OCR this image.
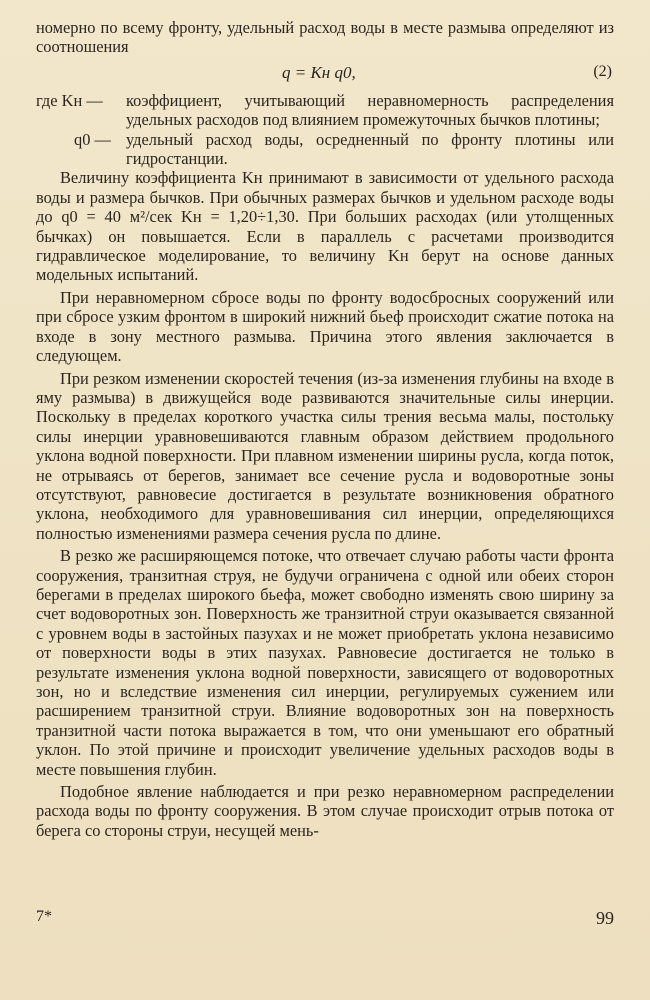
номерно по всему фронту, удельный расход воды в месте размыва определяют из соотношения

q = Kн q0,	(2)
где Kн —	коэффициент, учитывающий неравномерность распределения удельных расходов под влиянием промежуточных бычков плотины;
q0 — удельный расход воды, осредненный по фронту плотины или гидростанции.

Величину коэффициента Kн принимают в зависимости от удельного расхода воды и размера бычков. При обычных размерах бычков и удельном расходе воды до q0 = 40 м²/сек Kн = 1,20÷1,30. При больших расходах (или утолщенных бычках) он повышается. Если в параллель с расчетами производится гидравлическое моделирование, то величину Kн берут на основе данных модельных испытаний.

При неравномерном сбросе воды по фронту водосбросных сооружений или при сбросе узким фронтом в широкий нижний бьеф происходит сжатие потока на входе в зону местного размыва. Причина этого явления заключается в следующем.

При резком изменении скоростей течения (из-за изменения глубины на входе в яму размыва) в движущейся воде развиваются значительные силы инерции. Поскольку в пределах короткого участка силы трения весьма малы, постольку силы инерции уравновешиваются главным образом действием продольного уклона водной поверхности. При плавном изменении ширины русла, когда поток, не отрываясь от берегов, занимает все сечение русла и водоворотные зоны отсутствуют, равновесие достигается в результате возникновения обратного уклона, необходимого для уравновешивания сил инерции, определяющихся полностью изменениями размера сечения русла по длине.

В резко же расширяющемся потоке, что отвечает случаю работы части фронта сооружения, транзитная струя, не будучи ограничена с одной или обеих сторон берегами в пределах широкого бьефа, может свободно изменять свою ширину за счет водоворотных зон. Поверхность же транзитной струи оказывается связанной с уровнем воды в застойных пазухах и не может приобретать уклона независимо от поверхности воды в этих пазухах. Равновесие достигается не только в результате изменения уклона водной поверхности, зависящего от водоворотных зон, но и вследствие изменения сил инерции, регулируемых сужением или расширением транзитной струи. Влияние водоворотных зон на поверхность транзитной части потока выражается в том, что они уменьшают его обратный уклон. По этой причине и происходит увеличение удельных расходов воды в месте повышения глубин.

Подобное явление наблюдается и при резко неравномерном распределении расхода воды по фронту сооружения. В этом случае происходит отрыв потока от берега со стороны струи, несущей мень-

7*	99
